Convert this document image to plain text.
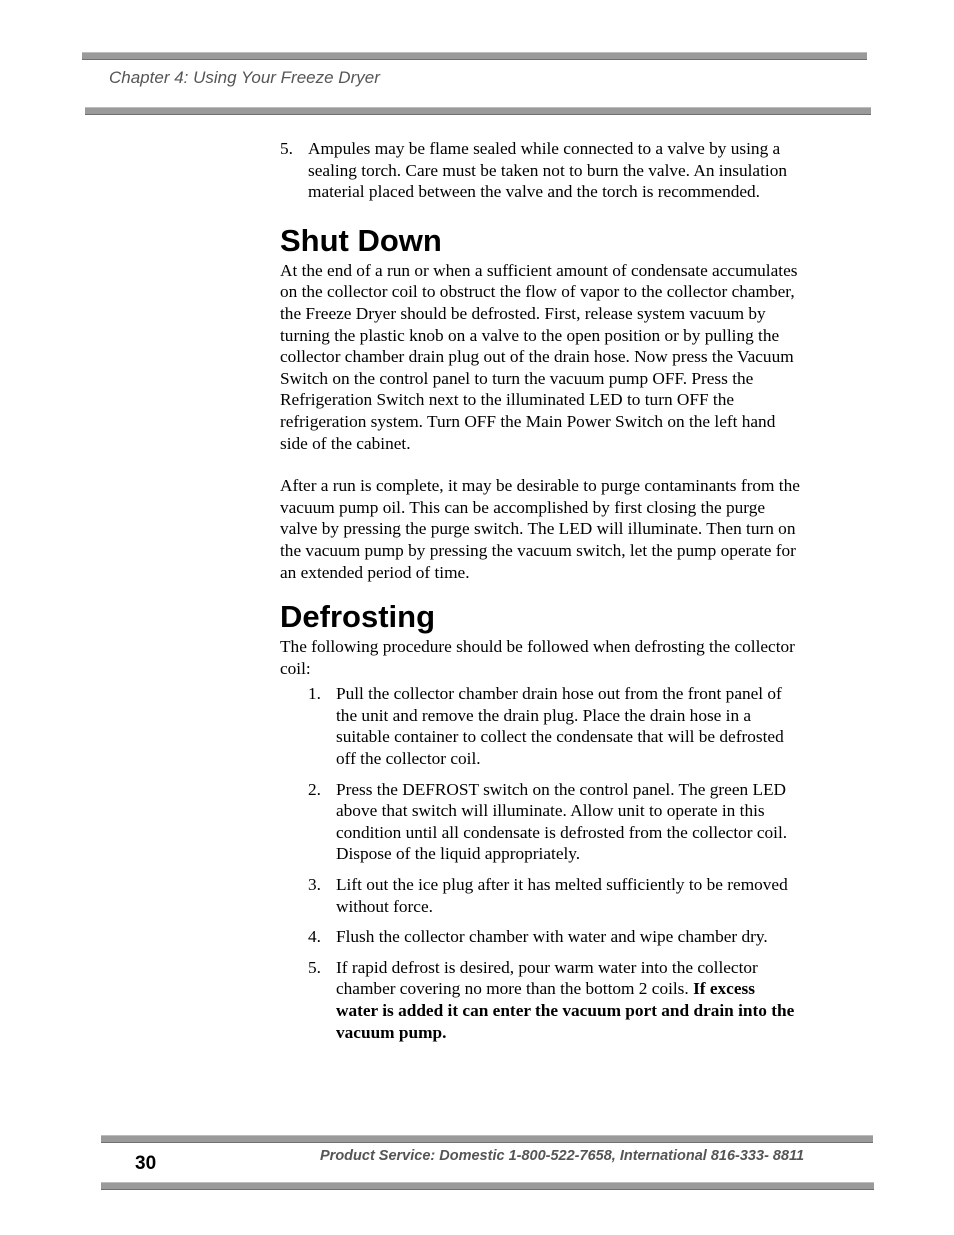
Chapter 4: Using Your Freeze Dryer
5. Ampules may be flame sealed while connected to a valve by using a sealing torch. Care must be taken not to burn the valve. An insulation material placed between the valve and the torch is recommended.
Shut Down

At the end of a run or when a sufficient amount of condensate accumulates on the collector coil to obstruct the flow of vapor to the collector chamber, the Freeze Dryer should be defrosted. First, release system vacuum by turning the plastic knob on a valve to the open position or by pulling the collector chamber drain plug out of the drain hose. Now press the Vacuum Switch on the control panel to turn the vacuum pump OFF. Press the Refrigeration Switch next to the illuminated LED to turn OFF the refrigeration system. Turn OFF the Main Power Switch on the left hand side of the cabinet.

After a run is complete, it may be desirable to purge contaminants from the vacuum pump oil. This can be accomplished by first closing the purge valve by pressing the purge switch. The LED will illuminate. Then turn on the vacuum pump by pressing the vacuum switch, let the pump operate for an extended period of time.

Defrosting

The following procedure should be followed when defrosting the collector coil:

1. Pull the collector chamber drain hose out from the front panel of the unit and remove the drain plug. Place the drain hose in a suitable container to collect the condensate that will be defrosted off the collector coil.
2. Press the DEFROST switch on the control panel. The green LED above that switch will illuminate. Allow unit to operate in this condition until all condensate is defrosted from the collector coil. Dispose of the liquid appropriately.
3. Lift out the ice plug after it has melted sufficiently to be removed without force.
4. Flush the collector chamber with water and wipe chamber dry.
5. If rapid defrost is desired, pour warm water into the collector chamber covering no more than the bottom 2 coils. If excess water is added it can enter the vacuum port and drain into the vacuum pump.
30	Product Service: Domestic 1-800-522-7658, International 816-333- 8811
